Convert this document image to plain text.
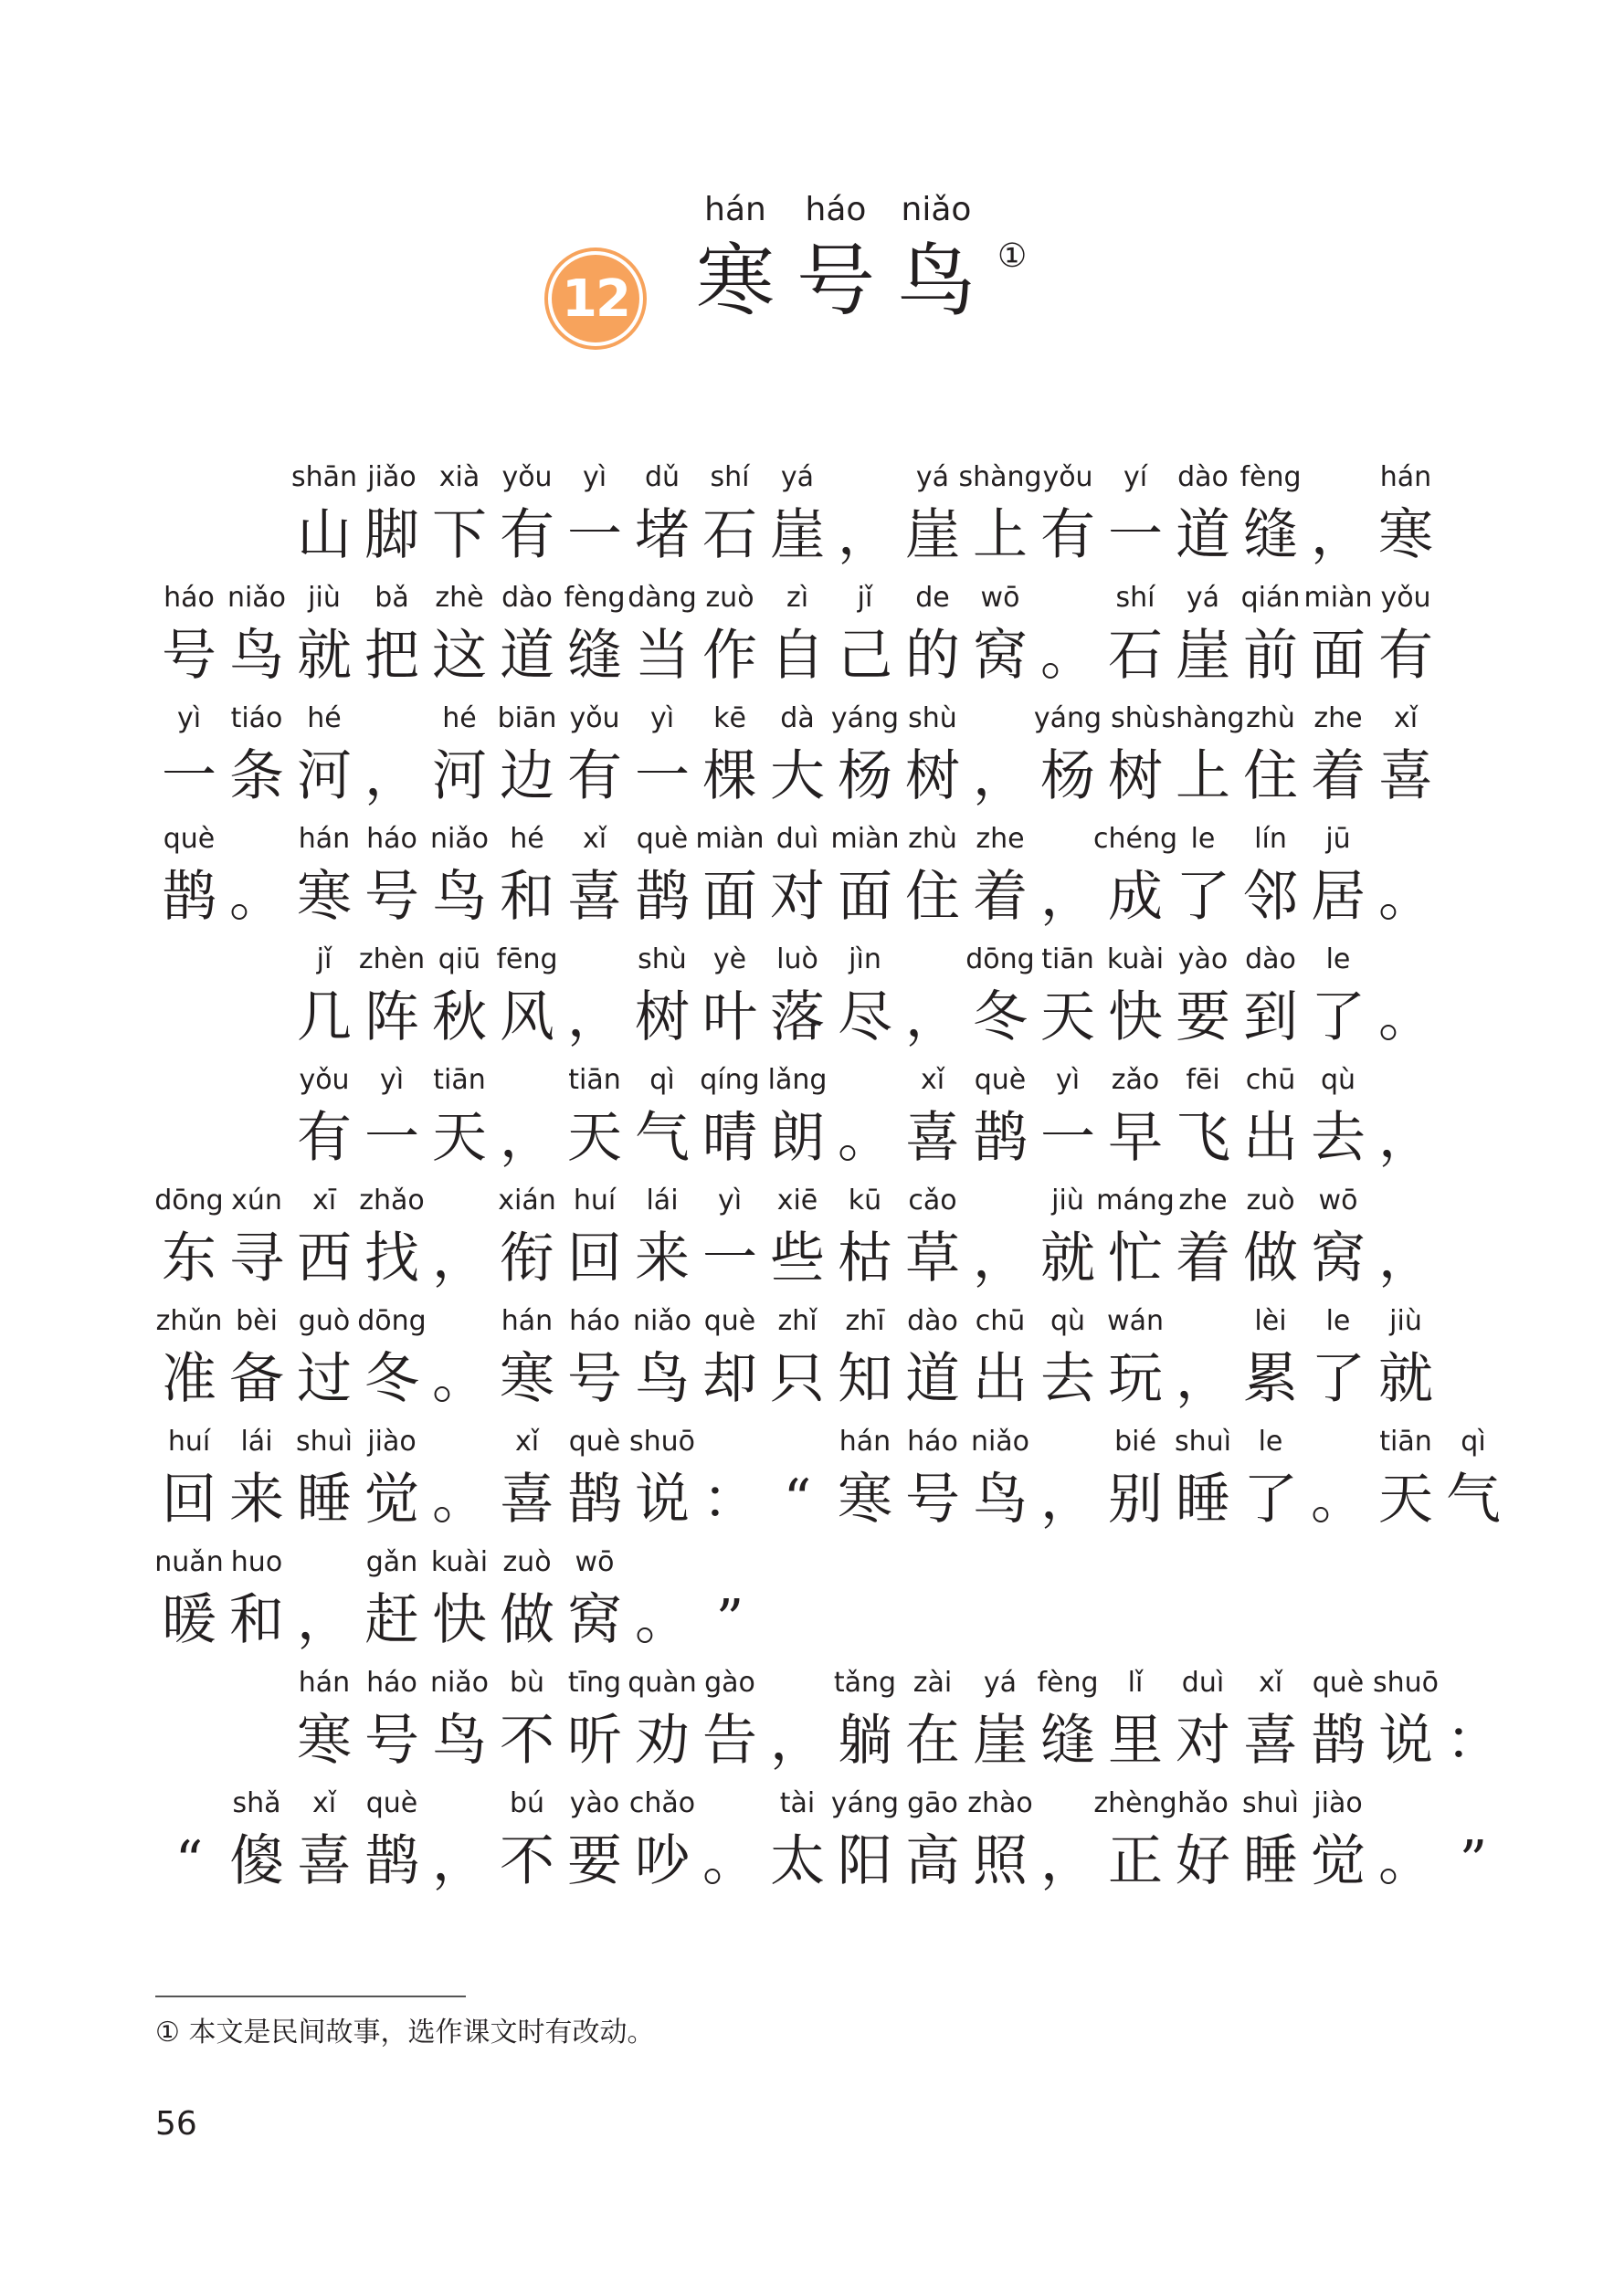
12
hán
寒
háo
号
niǎo
鸟 ①
shān
山
jiǎo
脚
xià
下
yǒu
有
yì
一
dǔ
堵
shí
石
yá
崖 ，
yá
崖
shàng
上
yǒu
有
yí
一
dào
道
fèng
缝 ，
hán
寒
háo
号
niǎo
鸟
jiù
就
bǎ
把
zhè
这
dào
道
fèng
缝
dàng
当
zuò
作
zì
自
jǐ
己
de
的
wō
窝 。
shí
石
yá
崖
qián
前
miàn
面
yǒu
有
yì
一
tiáo
条
hé
河 ，
hé
河
biān
边
yǒu
有
yì
一
kē
棵
dà
大
yáng
杨
shù
树 ，
yáng
杨
shù
树
shàng
上
zhù
住
zhe
着
xǐ
喜
què
鹊 。
hán
寒
háo
号
niǎo
鸟
hé
和
xǐ
喜
què
鹊
miàn
面
duì
对
miàn
面
zhù
住
zhe
着 ，
chéng
成
le
了
lín
邻
jū
居 。
jǐ
几
zhèn
阵
qiū
秋
fēng
风 ，
shù
树
yè
叶
luò
落
jìn
尽 ，
dōng
冬
tiān
天
kuài
快
yào
要
dào
到
le
了 。
yǒu
有
yì
一
tiān
天 ，
tiān
天
qì
气
qíng
晴
lǎng
朗 。
xǐ
喜
què
鹊
yì
一
zǎo
早
fēi
飞
chū
出
qù
去 ，
dōng
东
xún
寻
xī
西
zhǎo
找 ，
xián
衔
huí
回
lái
来
yì
一
xiē
些
kū
枯
cǎo
草 ，
jiù
就
máng
忙
zhe
着
zuò
做
wō
窝 ，
zhǔn
准
bèi
备
guò
过
dōng
冬 。
hán
寒
háo
号
niǎo
鸟
què
却
zhǐ
只
zhī
知
dào
道
chū
出
qù
去
wán
玩 ，
lèi
累
le
了
jiù
就
huí
回
lái
来
shuì
睡
jiào
觉 。
xǐ
喜
què
鹊
shuō
说 ： “
hán
寒
háo
号
niǎo
鸟 ，
bié
别
shuì
睡
le
了 。
tiān
天
qì
气
nuǎn
暖
huo
和 ，
gǎn
赶
kuài
快
zuò
做
wō
窝 。 ”
hán
寒
háo
号
niǎo
鸟
bù
不
tīng
听
quàn
劝
gào
告 ，
tǎng
躺
zài
在
yá
崖
fèng
缝
lǐ
里
duì
对
xǐ
喜
què
鹊
shuō
说 ：
“
shǎ
傻
xǐ
喜
què
鹊 ，
bú
不
yào
要
chǎo
吵 。
tài
太
yáng
阳
gāo
高
zhào
照 ，
zhèng
正
hǎo
好
shuì
睡
jiào
觉 。 ”
① 本文是民间故事，选作课文时有改动。
56
